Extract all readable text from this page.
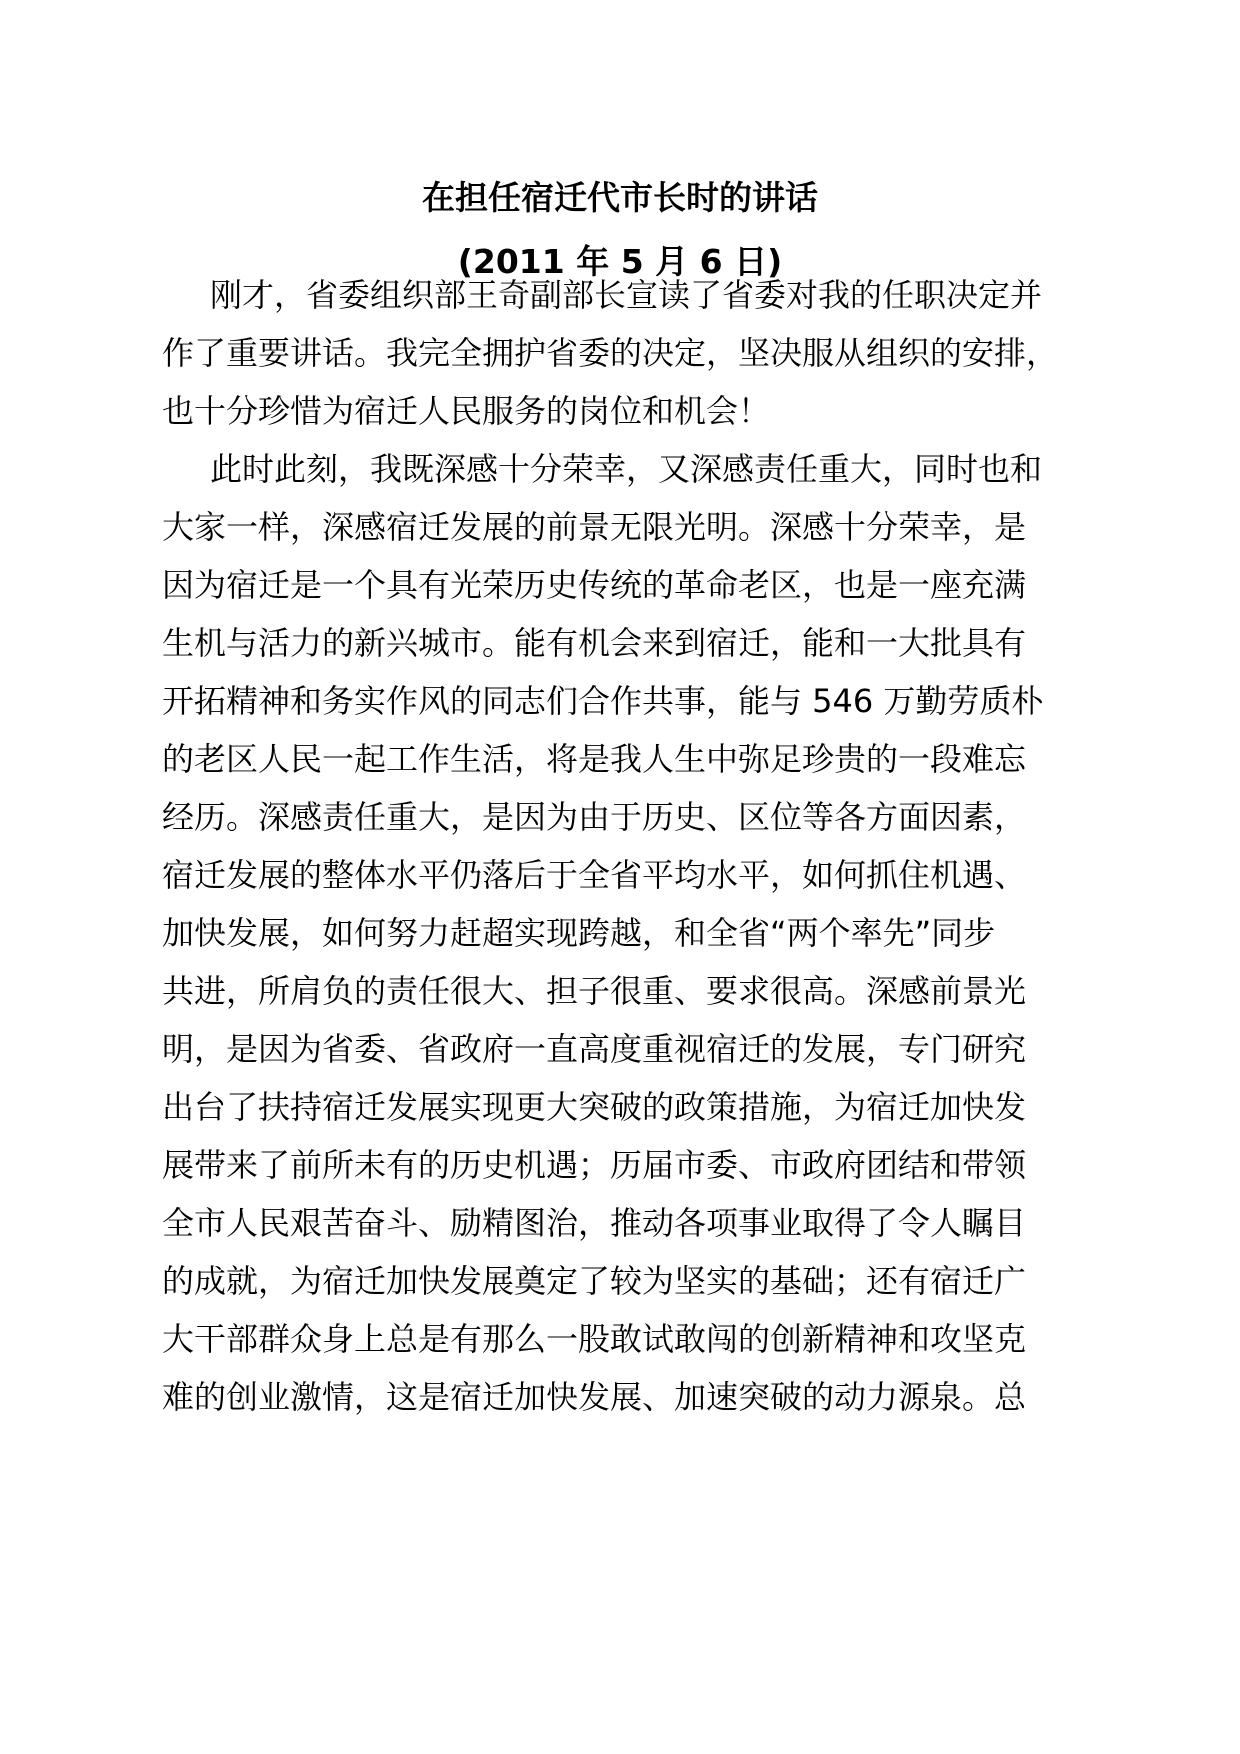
在担任宿迁代市长时的讲话
(2011 年 5 月 6 日)

刚才，省委组织部王奇副部长宣读了省委对我的任职决定并

作了重要讲话。我完全拥护省委的决定，坚决服从组织的安排，

也十分珍惜为宿迁人民服务的岗位和机会！

此时此刻，我既深感十分荣幸，又深感责任重大，同时也和

大家一样，深感宿迁发展的前景无限光明。深感十分荣幸，是

因为宿迁是一个具有光荣历史传统的革命老区，也是一座充满

生机与活力的新兴城市。能有机会来到宿迁，能和一大批具有

开拓精神和务实作风的同志们合作共事，能与 546 万勤劳质朴

的老区人民一起工作生活，将是我人生中弥足珍贵的一段难忘

经历。深感责任重大，是因为由于历史、区位等各方面因素，

宿迁发展的整体水平仍落后于全省平均水平，如何抓住机遇、

加快发展，如何努力赶超实现跨越，和全省“两个率先”同步

共进，所肩负的责任很大、担子很重、要求很高。深感前景光

明，是因为省委、省政府一直高度重视宿迁的发展，专门研究

出台了扶持宿迁发展实现更大突破的政策措施，为宿迁加快发

展带来了前所未有的历史机遇；历届市委、市政府团结和带领

全市人民艰苦奋斗、励精图治，推动各项事业取得了令人瞩目

的成就，为宿迁加快发展奠定了较为坚实的基础；还有宿迁广

大干部群众身上总是有那么一股敢试敢闯的创新精神和攻坚克

难的创业激情，这是宿迁加快发展、加速突破的动力源泉。总
